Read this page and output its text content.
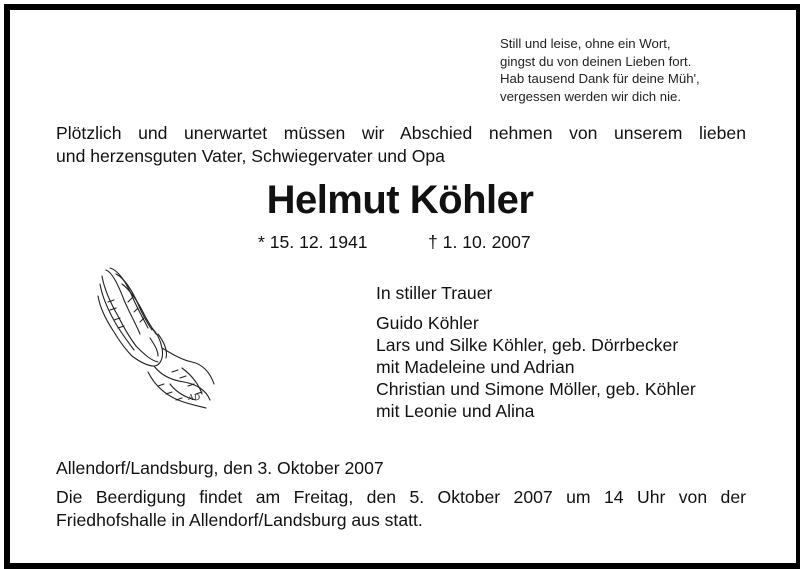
Still und leise, ohne ein Wort,
gingst du von deinen Lieben fort.
Hab tausend Dank für deine Müh',
vergessen werden wir dich nie.
Plötzlich und unerwartet müssen wir Abschied nehmen von unserem lieben
und herzensguten Vater, Schwiegervater und Opa
Helmut Köhler
* 15. 12. 1941	† 1. 10. 2007
AD
In stiller Trauer
Guido Köhler
Lars und Silke Köhler, geb. Dörrbecker
mit Madeleine und Adrian
Christian und Simone Möller, geb. Köhler
mit Leonie und Alina
Allendorf/Landsburg, den 3. Oktober 2007
Die Beerdigung findet am Freitag, den 5. Oktober 2007 um 14 Uhr von der
Friedhofshalle in Allendorf/Landsburg aus statt.
